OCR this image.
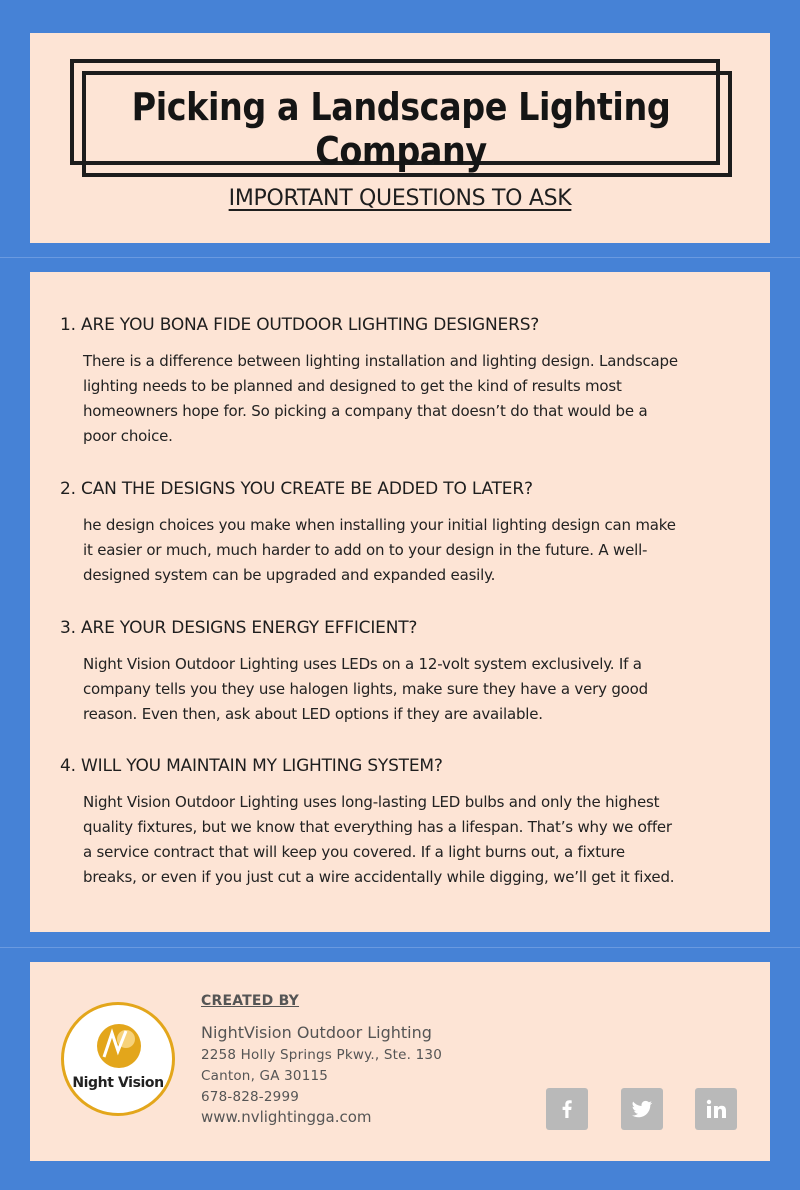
Picking a Landscape Lighting Company
IMPORTANT QUESTIONS TO ASK
1. ARE YOU BONA FIDE OUTDOOR LIGHTING DESIGNERS?
There is a difference between lighting installation and lighting design. Landscape lighting needs to be planned and designed to get the kind of results most homeowners hope for. So picking a company that doesn’t do that would be a poor choice.
2. CAN THE DESIGNS YOU CREATE BE ADDED TO LATER?
he design choices you make when installing your initial lighting design can make it easier or much, much harder to add on to your design in the future. A well-designed system can be upgraded and expanded easily.
3. ARE YOUR DESIGNS ENERGY EFFICIENT?
Night Vision Outdoor Lighting uses LEDs on a 12-volt system exclusively. If a company tells you they use halogen lights, make sure they have a very good reason. Even then, ask about LED options if they are available.
4. WILL YOU MAINTAIN MY LIGHTING SYSTEM?
Night Vision Outdoor Lighting uses long-lasting LED bulbs and only the highest quality fixtures, but we know that everything has a lifespan. That’s why we offer a service contract that will keep you covered. If a light burns out, a fixture breaks, or even if you just cut a wire accidentally while digging, we’ll get it fixed.
Night Vision
CREATED BY
NightVision Outdoor Lighting
2258 Holly Springs Pkwy., Ste. 130
Canton, GA 30115
678-828-2999
www.nvlightingga.com
